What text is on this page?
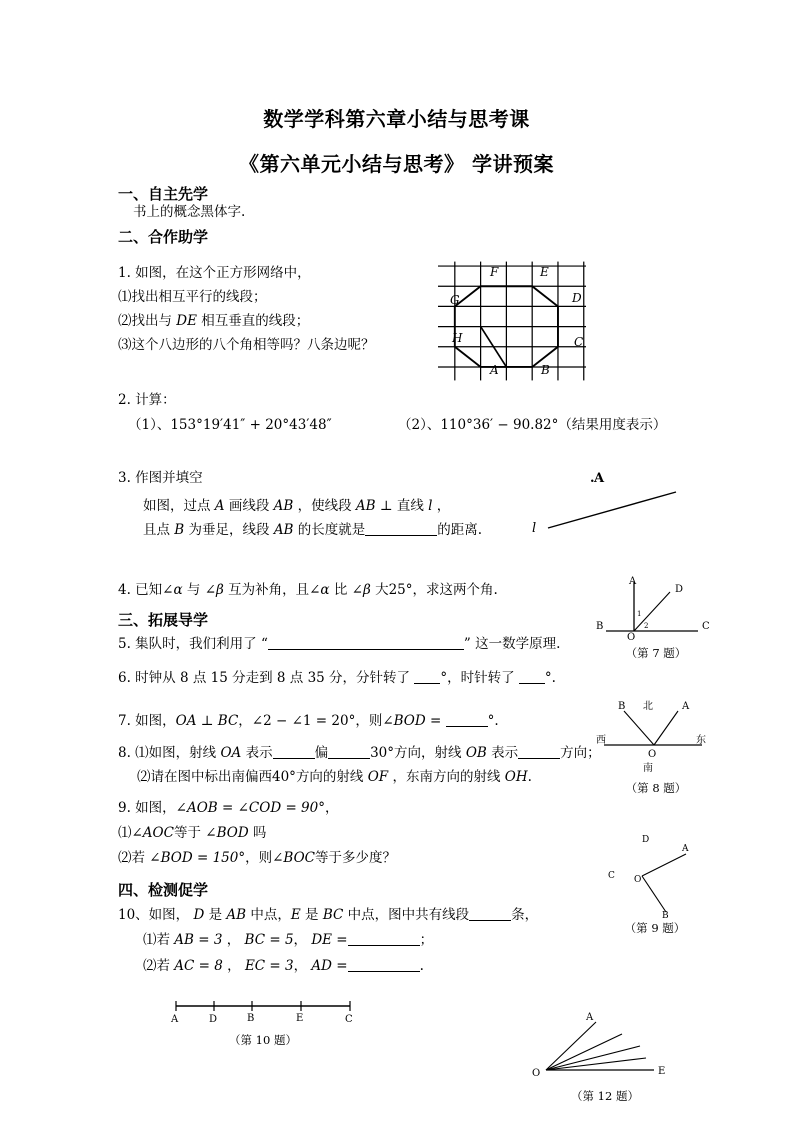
数学学科第六章小结与思考课
《第六单元小结与思考》 学讲预案
一、自主先学
书上的概念黑体字.
二、合作助学
1. 如图，在这个正方形网络中，
⑴找出相互平行的线段；
⑵找出与 DE 相互垂直的线段；
⑶这个八边形的八个角相等吗？八条边呢？
F	E
D
C
B
A
H
G
2. 计算：
（1）、153°19′41″ + 20°43′48″	（2）、110°36′ − 90.82°（结果用度表示）
3. 作图并填空
如图，过点 A 画线段 AB ，使线段 AB ⊥ 直线 l ，
且点 B 为垂足，线段 AB 的长度就是	的距离.
. A
l
4. 已知∠α 与 ∠β 互为补角，且∠α 比 ∠β 大25°，求这两个角.
三、拓展导学
5. 集队时，我们利用了 “	” 这一数学原理.
6. 时钟从 8 点 15 分走到 8 点 35 分，分针转了 °，时针转了 °.
7. 如图，OA ⊥ BC，∠2 − ∠1 = 20°，则∠BOD =	°.
8. ⑴如图，射线 OA 表示	偏	30°方向，射线 OB 表示	方向；
⑵请在图中标出南偏西40°方向的射线 OF ，东南方向的射线 OH.
9. 如图，∠AOB = ∠COD = 90°，
⑴∠AOC等于 ∠BOD 吗
⑵若 ∠BOD = 150°，则∠BOC等于多少度？
四、检测促学
10、如图， D 是 AB 中点，E 是 BC 中点，图中共有线段	条，
⑴若 AB = 3 ， BC = 5， DE =	；
⑵若 AC = 8 ， EC = 3， AD =	.
A
D
B	C
O
1
2
（第 7 题）
北
南
西	东
B	A
O
（第 8 题）
A
B
C
D
O
（第 9 题）
A	D	B	E	C
（第 10 题）
A
O	E
（第 12 题）
